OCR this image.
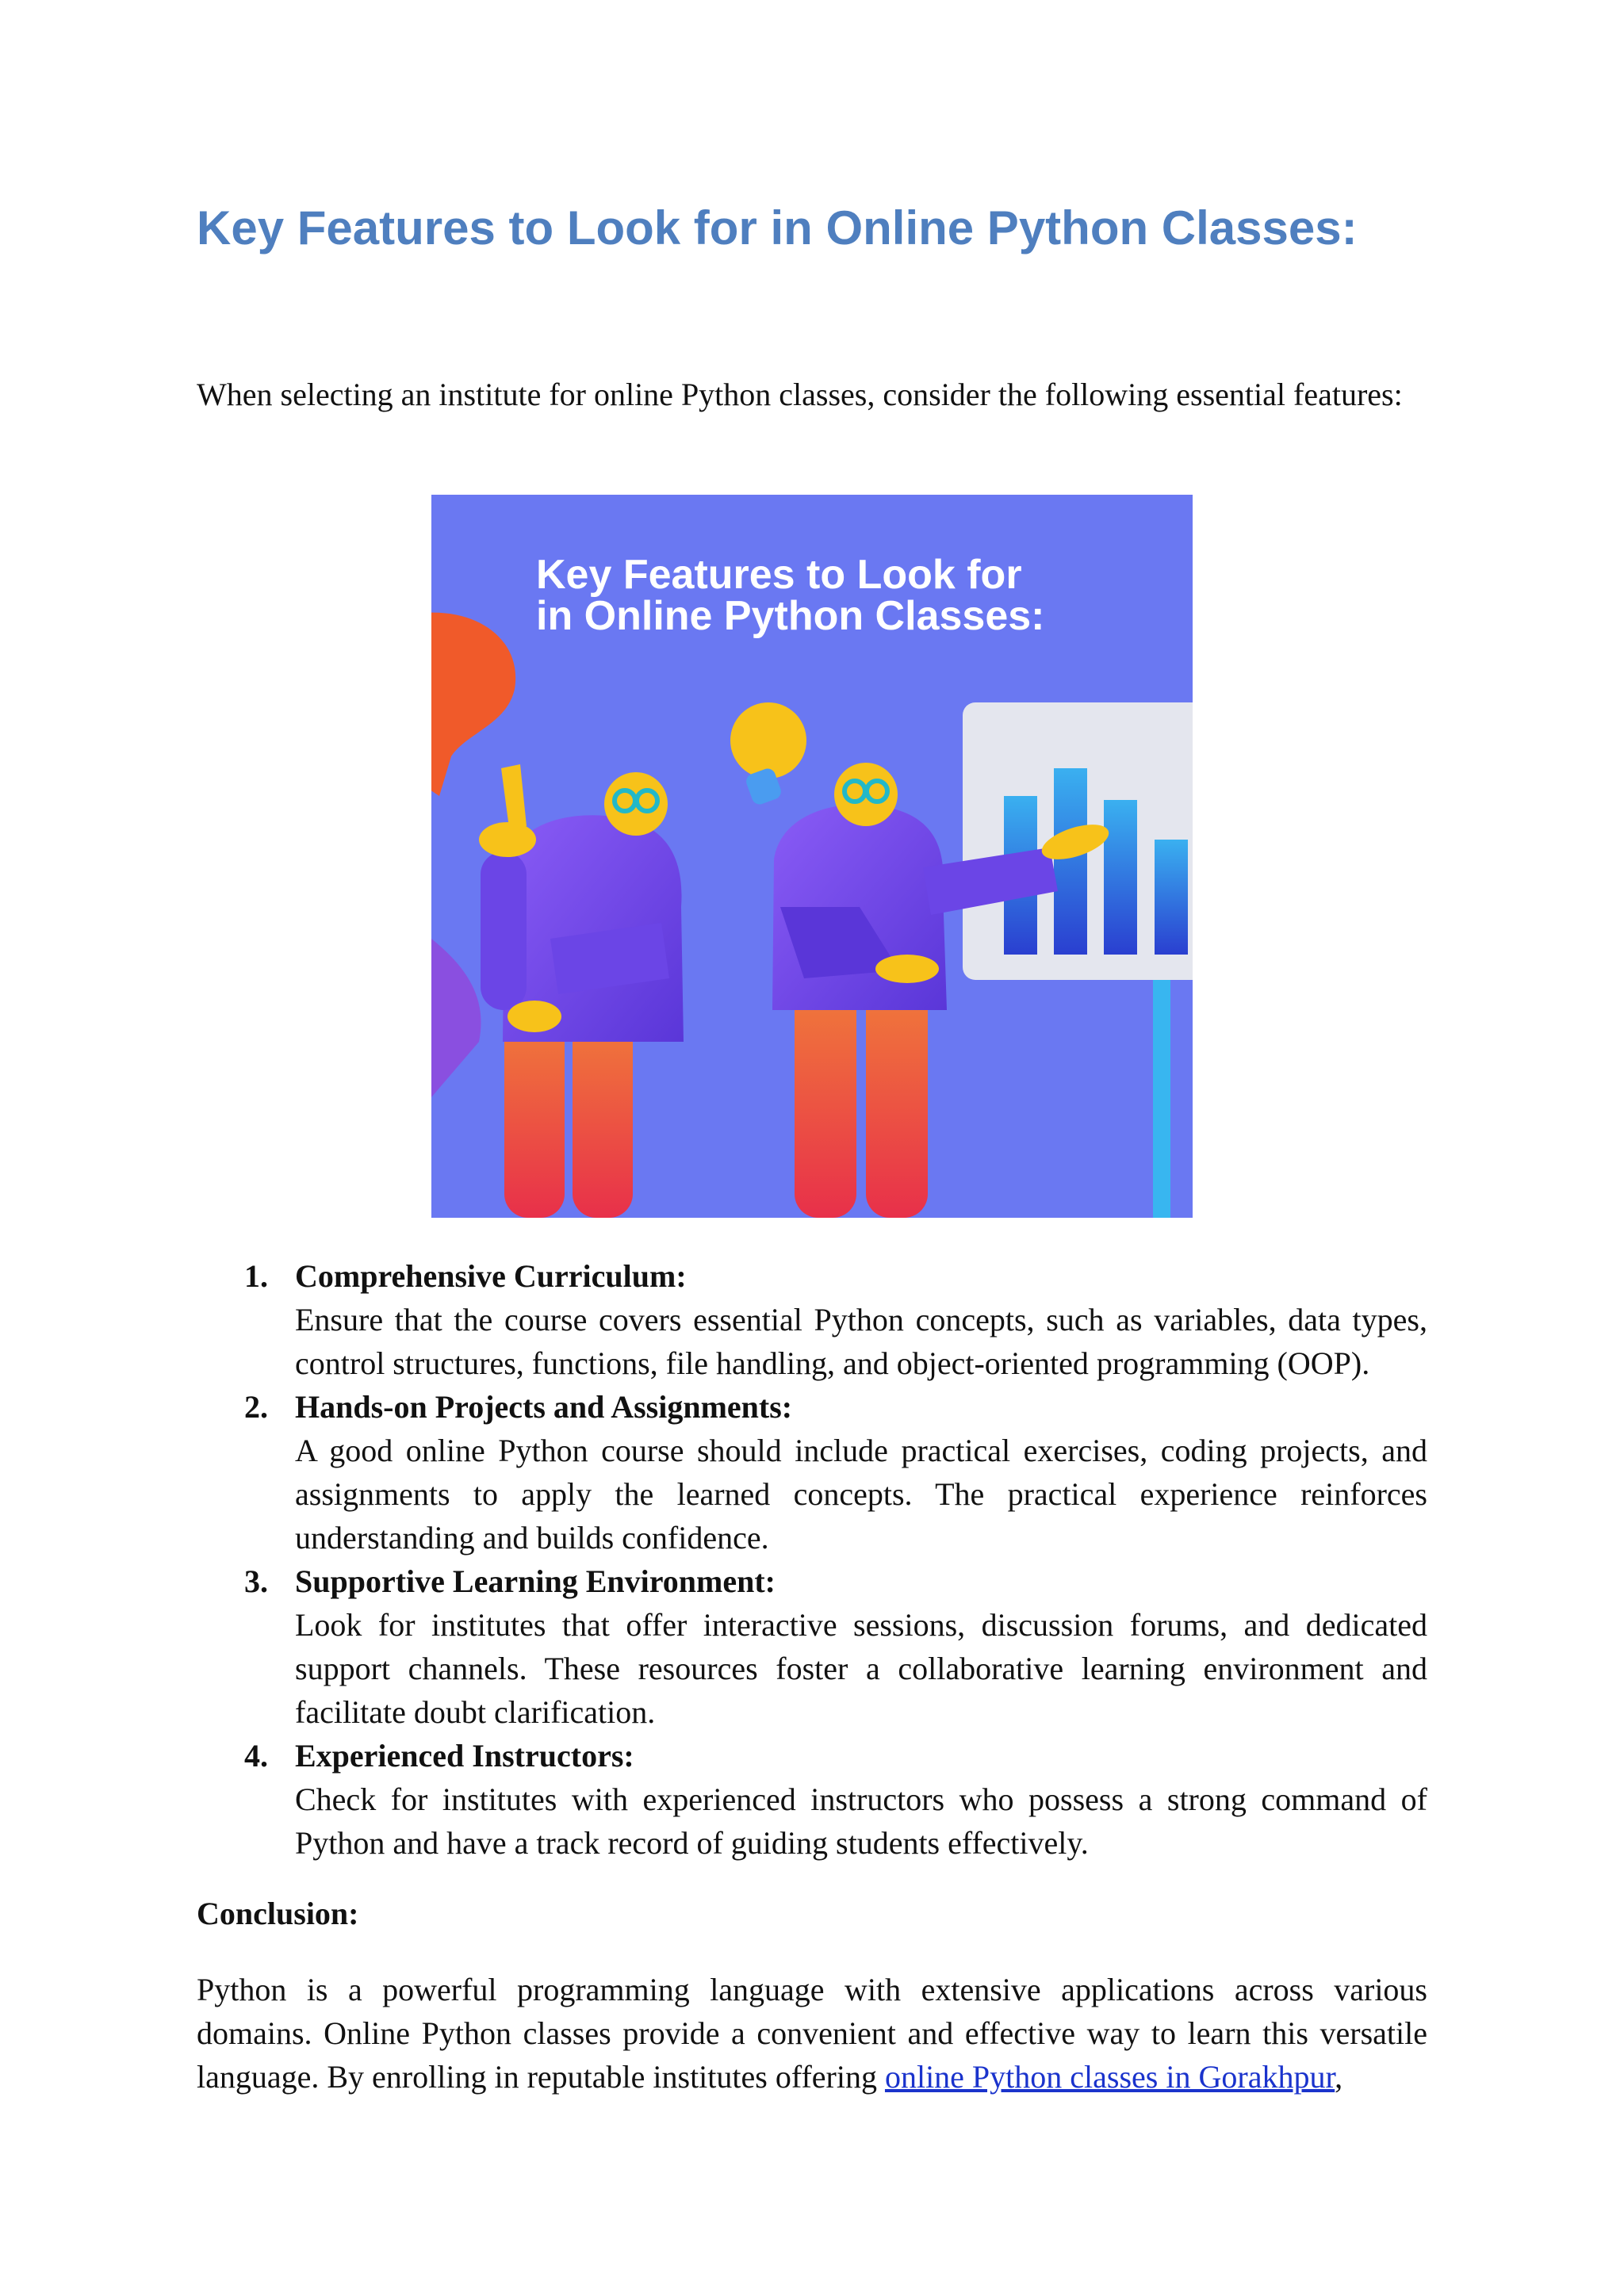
Key Features to Look for in Online Python Classes:

When selecting an institute for online Python classes, consider the following essential features:

Key Features to Look for
in Online Python Classes:
1. Comprehensive Curriculum:
Ensure that the course covers essential Python concepts, such as variables, data types, control structures, functions, file handling, and object-oriented programming (OOP).
2. Hands-on Projects and Assignments:
A good online Python course should include practical exercises, coding projects, and assignments to apply the learned concepts. The practical experience reinforces understanding and builds confidence.
3. Supportive Learning Environment:
Look for institutes that offer interactive sessions, discussion forums, and dedicated support channels. These resources foster a collaborative learning environment and facilitate doubt clarification.
4. Experienced Instructors:
Check for institutes with experienced instructors who possess a strong command of Python and have a track record of guiding students effectively.

Conclusion:

Python is a powerful programming language with extensive applications across various domains. Online Python classes provide a convenient and effective way to learn this versatile language. By enrolling in reputable institutes offering online Python classes in Gorakhpur,
